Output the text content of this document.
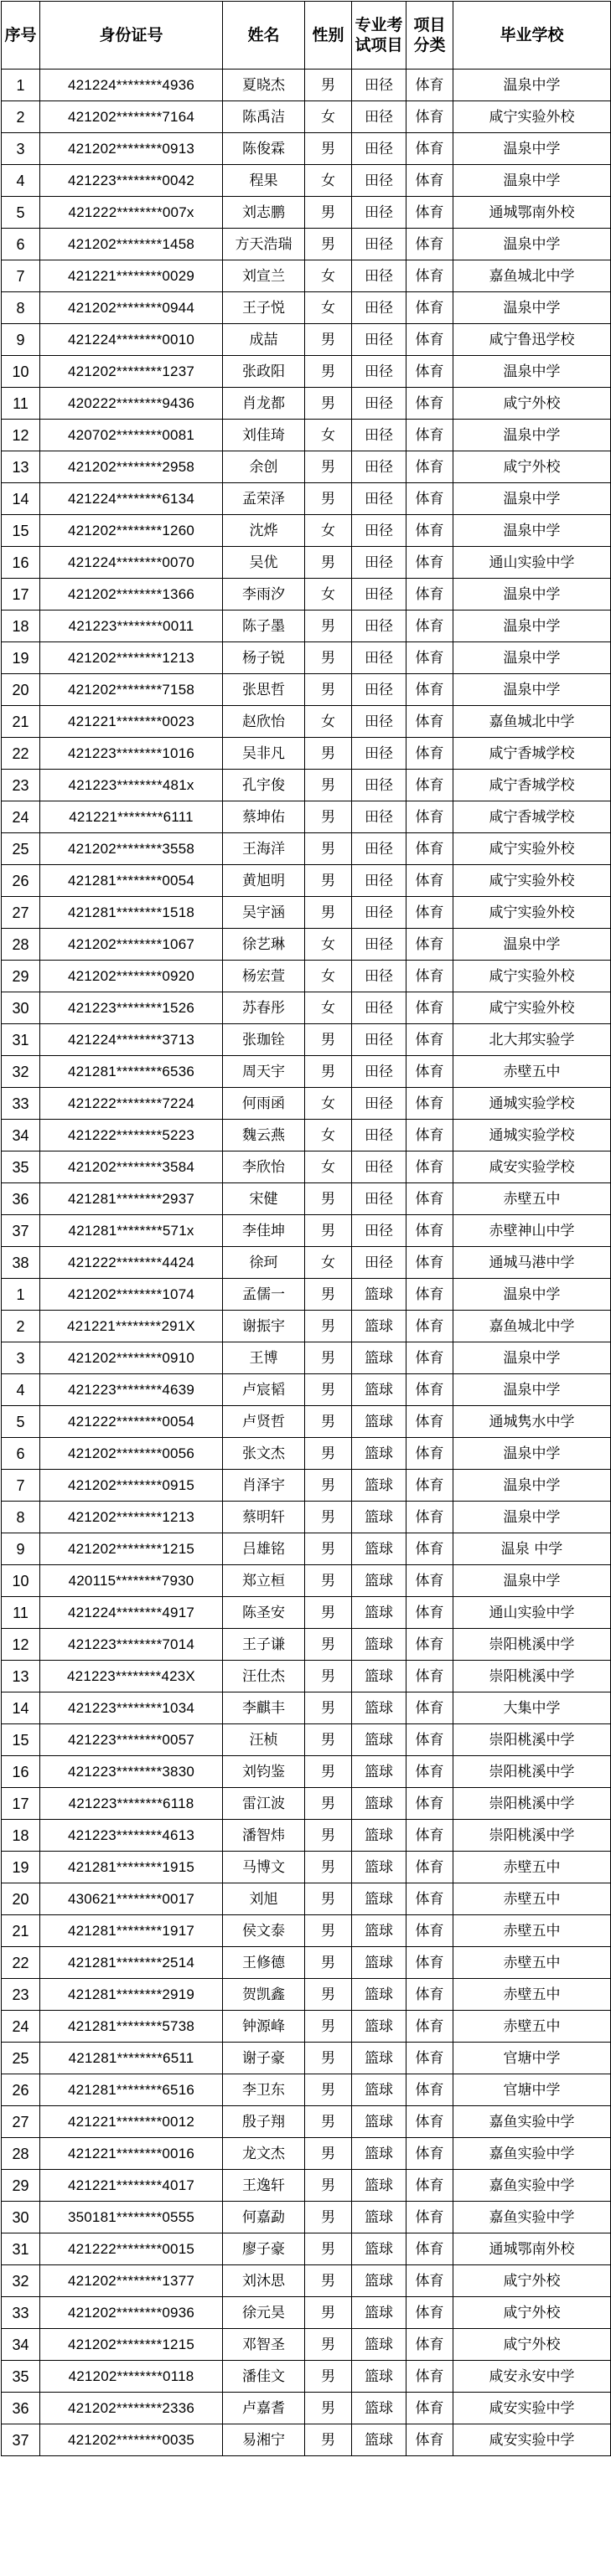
序号	身份证号	姓名	性别	专业考试项目	项目分类	毕业学校
1	421224********4936	夏晓杰	男	田径	体育	温泉中学
2	421202********7164	陈禹洁	女	田径	体育	咸宁实验外校
3	421202********0913	陈俊霖	男	田径	体育	温泉中学
4	421223********0042	程果	女	田径	体育	温泉中学
5	421222********007x	刘志鹏	男	田径	体育	通城鄂南外校
6	421202********1458	方天浩瑞	男	田径	体育	温泉中学
7	421221********0029	刘宣兰	女	田径	体育	嘉鱼城北中学
8	421202********0944	王子悦	女	田径	体育	温泉中学
9	421224********0010	成喆	男	田径	体育	咸宁鲁迅学校
10	421202********1237	张政阳	男	田径	体育	温泉中学
11	420222********9436	肖龙都	男	田径	体育	咸宁外校
12	420702********0081	刘佳琦	女	田径	体育	温泉中学
13	421202********2958	余创	男	田径	体育	咸宁外校
14	421224********6134	孟荣泽	男	田径	体育	温泉中学
15	421202********1260	沈烨	女	田径	体育	温泉中学
16	421224********0070	吴优	男	田径	体育	通山实验中学
17	421202********1366	李雨汐	女	田径	体育	温泉中学
18	421223********0011	陈子墨	男	田径	体育	温泉中学
19	421202********1213	杨子锐	男	田径	体育	温泉中学
20	421202********7158	张思哲	男	田径	体育	温泉中学
21	421221********0023	赵欣怡	女	田径	体育	嘉鱼城北中学
22	421223********1016	吴非凡	男	田径	体育	咸宁香城学校
23	421223********481x	孔宇俊	男	田径	体育	咸宁香城学校
24	421221********6111	蔡坤佑	男	田径	体育	咸宁香城学校
25	421202********3558	王海洋	男	田径	体育	咸宁实验外校
26	421281********0054	黄旭明	男	田径	体育	咸宁实验外校
27	421281********1518	吴宇涵	男	田径	体育	咸宁实验外校
28	421202********1067	徐艺琳	女	田径	体育	温泉中学
29	421202********0920	杨宏萱	女	田径	体育	咸宁实验外校
30	421223********1526	苏春彤	女	田径	体育	咸宁实验外校
31	421224********3713	张珈铨	男	田径	体育	北大邦实验学
32	421281********6536	周天宇	男	田径	体育	赤壁五中
33	421222********7224	何雨函	女	田径	体育	通城实验学校
34	421222********5223	魏云燕	女	田径	体育	通城实验学校
35	421202********3584	李欣怡	女	田径	体育	咸安实验学校
36	421281********2937	宋健	男	田径	体育	赤壁五中
37	421281********571x	李佳坤	男	田径	体育	赤壁神山中学
38	421222********4424	徐珂	女	田径	体育	通城马港中学
1	421202********1074	孟儒一	男	篮球	体育	温泉中学
2	421221********291X	谢振宇	男	篮球	体育	嘉鱼城北中学
3	421202********0910	王博	男	篮球	体育	温泉中学
4	421223********4639	卢宸韬	男	篮球	体育	温泉中学
5	421222********0054	卢贤哲	男	篮球	体育	通城隽水中学
6	421202********0056	张文杰	男	篮球	体育	温泉中学
7	421202********0915	肖泽宇	男	篮球	体育	温泉中学
8	421202********1213	蔡明轩	男	篮球	体育	温泉中学
9	421202********1215	吕雄铭	男	篮球	体育	温泉 中学
10	420115********7930	郑立桓	男	篮球	体育	温泉中学
11	421224********4917	陈圣安	男	篮球	体育	通山实验中学
12	421223********7014	王子谦	男	篮球	体育	崇阳桃溪中学
13	421223********423X	汪仕杰	男	篮球	体育	崇阳桃溪中学
14	421223********1034	李麒丰	男	篮球	体育	大集中学
15	421223********0057	汪桢	男	篮球	体育	崇阳桃溪中学
16	421223********3830	刘钧鉴	男	篮球	体育	崇阳桃溪中学
17	421223********6118	雷江波	男	篮球	体育	崇阳桃溪中学
18	421223********4613	潘智炜	男	篮球	体育	崇阳桃溪中学
19	421281********1915	马博文	男	篮球	体育	赤壁五中
20	430621********0017	刘旭	男	篮球	体育	赤壁五中
21	421281********1917	侯文泰	男	篮球	体育	赤壁五中
22	421281********2514	王修德	男	篮球	体育	赤壁五中
23	421281********2919	贺凯鑫	男	篮球	体育	赤壁五中
24	421281********5738	钟源峰	男	篮球	体育	赤壁五中
25	421281********6511	谢子豪	男	篮球	体育	官塘中学
26	421281********6516	李卫东	男	篮球	体育	官塘中学
27	421221********0012	殷子翔	男	篮球	体育	嘉鱼实验中学
28	421221********0016	龙文杰	男	篮球	体育	嘉鱼实验中学
29	421221********4017	王逸轩	男	篮球	体育	嘉鱼实验中学
30	350181********0555	何嘉勐	男	篮球	体育	嘉鱼实验中学
31	421222********0015	廖子豪	男	篮球	体育	通城鄂南外校
32	421202********1377	刘沐思	男	篮球	体育	咸宁外校
33	421202********0936	徐元昊	男	篮球	体育	咸宁外校
34	421202********1215	邓智圣	男	篮球	体育	咸宁外校
35	421202********0118	潘佳文	男	篮球	体育	咸安永安中学
36	421202********2336	卢嘉耆	男	篮球	体育	咸安实验中学
37	421202********0035	易湘宁	男	篮球	体育	咸安实验中学
